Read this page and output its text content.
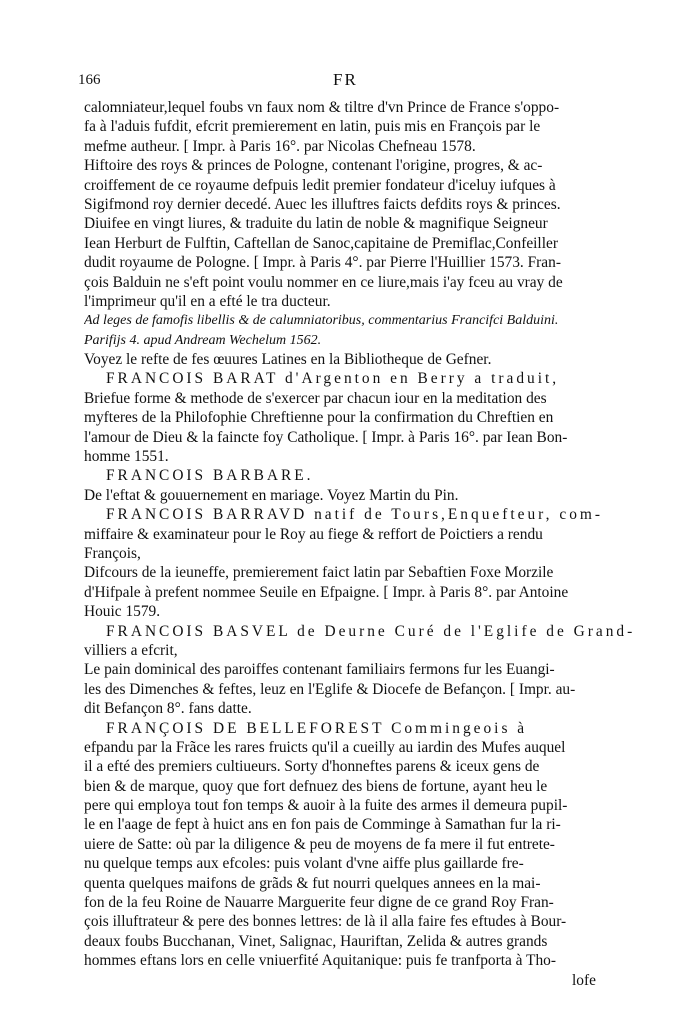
166	FR
calomniateur,lequel foubs vn faux nom & tiltre d'vn Prince de France s'oppo-
fa à l'aduis fufdit, efcrit premierement en latin, puis mis en François par le
mefme autheur. [ Impr. à Paris 16°. par Nicolas Chefneau 1578.
Hiftoire des roys & princes de Pologne, contenant l'origine, progres, & ac-
croiffement de ce royaume defpuis ledit premier fondateur d'iceluy iufques à
Sigifmond roy dernier decedé. Auec les illuftres faicts defdits roys & princes.
Diuifee en vingt liures, & traduite du latin de noble & magnifique Seigneur
Iean Herburt de Fulftin, Caftellan de Sanoc,capitaine de Premiflac,Confeiller
dudit royaume de Pologne. [ Impr. à Paris 4°. par Pierre l'Huillier 1573. Fran-
çois Balduin ne s'eft point voulu nommer en ce liure,mais i'ay fceu au vray de
l'imprimeur qu'il en a efté le tra ducteur.
Ad leges de famofis libellis & de calumniatoribus, commentarius Francifci Balduini.
Parifijs 4. apud Andream Wechelum 1562.
Voyez le refte de fes œuures Latines en la Bibliotheque de Gefner.
FRANCOIS BARAT d'Argenton en Berry a traduit,
Briefue forme & methode de s'exercer par chacun iour en la meditation des
myfteres de la Philofophie Chreftienne pour la confirmation du Chreftien en
l'amour de Dieu & la faincte foy Catholique. [ Impr. à Paris 16°. par Iean Bon-
homme 1551.
FRANCOIS BARBARE.
De l'eftat & gouuernement en mariage. Voyez Martin du Pin.
FRANCOIS BARRAVD natif de Tours,Enquefteur, com-
miffaire & examinateur pour le Roy au fiege & reffort de Poictiers a rendu
François,
Difcours de la ieuneffe, premierement faict latin par Sebaftien Foxe Morzile
d'Hifpale à prefent nommee Seuile en Efpaigne. [ Impr. à Paris 8°. par Antoine
Houic 1579.
FRANCOIS BASVEL de Deurne Curé de l'Eglife de Grand-
villiers a efcrit,
Le pain dominical des paroiffes contenant familiairs fermons fur les Euangi-
les des Dimenches & feftes, leuz en l'Eglife & Diocefe de Befançon. [ Impr. au-
dit Befançon 8°. fans datte.
FRANÇOIS DE BELLEFOREST Commingeois à
efpandu par la Frãce les rares fruicts qu'il a cueilly au iardin des Mufes auquel
il a efté des premiers cultiueurs. Sorty d'honneftes parens & iceux gens de
bien & de marque, quoy que fort defnuez des biens de fortune, ayant heu le
pere qui employa tout fon temps & auoir à la fuite des armes il demeura pupil-
le en l'aage de fept à huict ans en fon pais de Comminge à Samathan fur la ri-
uiere de Satte: où par la diligence & peu de moyens de fa mere il fut entrete-
nu quelque temps aux efcoles: puis volant d'vne aiffe plus gaillarde fre-
quenta quelques maifons de grãds & fut nourri quelques annees en la mai-
fon de la feu Roine de Nauarre Marguerite feur digne de ce grand Roy Fran-
çois illuftrateur & pere des bonnes lettres: de là il alla faire fes eftudes à Bour-
deaux foubs Bucchanan, Vinet, Salignac, Hauriftan, Zelida & autres grands
hommes eftans lors en celle vniuerfité Aquitanique: puis fe tranfporta à Tho-
lofe
